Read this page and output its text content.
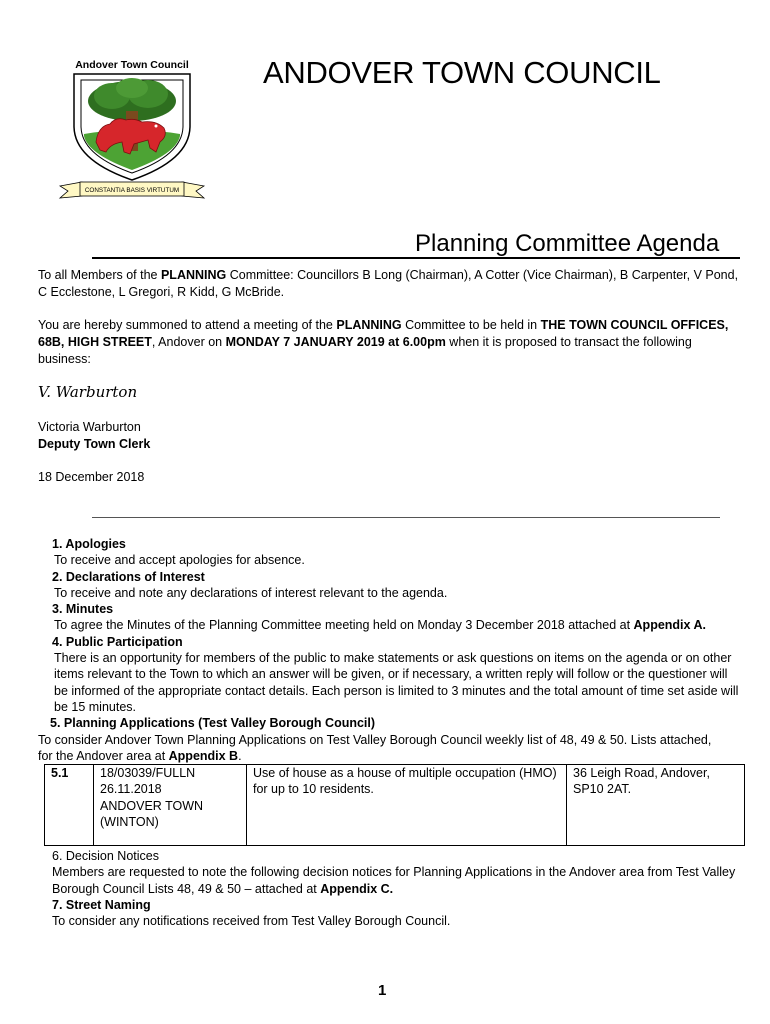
Andover Town Council
CONSTANTIA BASIS VIRTUTUM
ANDOVER TOWN COUNCIL
Planning Committee Agenda
To all Members of the PLANNING Committee: Councillors B Long (Chairman), A Cotter (Vice Chairman), B Carpenter, V Pond, C Ecclestone, L Gregori, R Kidd, G McBride.
You are hereby summoned to attend a meeting of the PLANNING Committee to be held in THE TOWN COUNCIL OFFICES, 68B, HIGH STREET, Andover on MONDAY 7 JANUARY 2019 at 6.00pm when it is proposed to transact the following business:
V. Warburton
Victoria Warburton
Deputy Town Clerk
18 December 2018
1. Apologies
To receive and accept apologies for absence.
2. Declarations of Interest
To receive and note any declarations of interest relevant to the agenda.
3. Minutes
To agree the Minutes of the Planning Committee meeting held on Monday 3 December 2018 attached at Appendix A.
4. Public Participation
There is an opportunity for members of the public to make statements or ask questions on items on the agenda or on other items relevant to the Town to which an answer will be given, or if necessary, a written reply will follow or the questioner will be informed of the appropriate contact details. Each person is limited to 3 minutes and the total amount of time set aside will be 15 minutes.
5. Planning Applications (Test Valley Borough Council)
To consider Andover Town Planning Applications on Test Valley Borough Council weekly list of 48, 49 & 50. Lists attached, for the Andover area at Appendix B.
5.1	18/03039/FULLN
26.11.2018
ANDOVER TOWN
(WINTON)
	Use of house as a house of multiple occupation (HMO) for up to 10 residents.	36 Leigh Road, Andover, SP10 2AT.
6. Decision Notices
Members are requested to note the following decision notices for Planning Applications in the Andover area from Test Valley Borough Council Lists 48, 49 & 50 – attached at Appendix C.
7. Street Naming
To consider any notifications received from Test Valley Borough Council.
1
